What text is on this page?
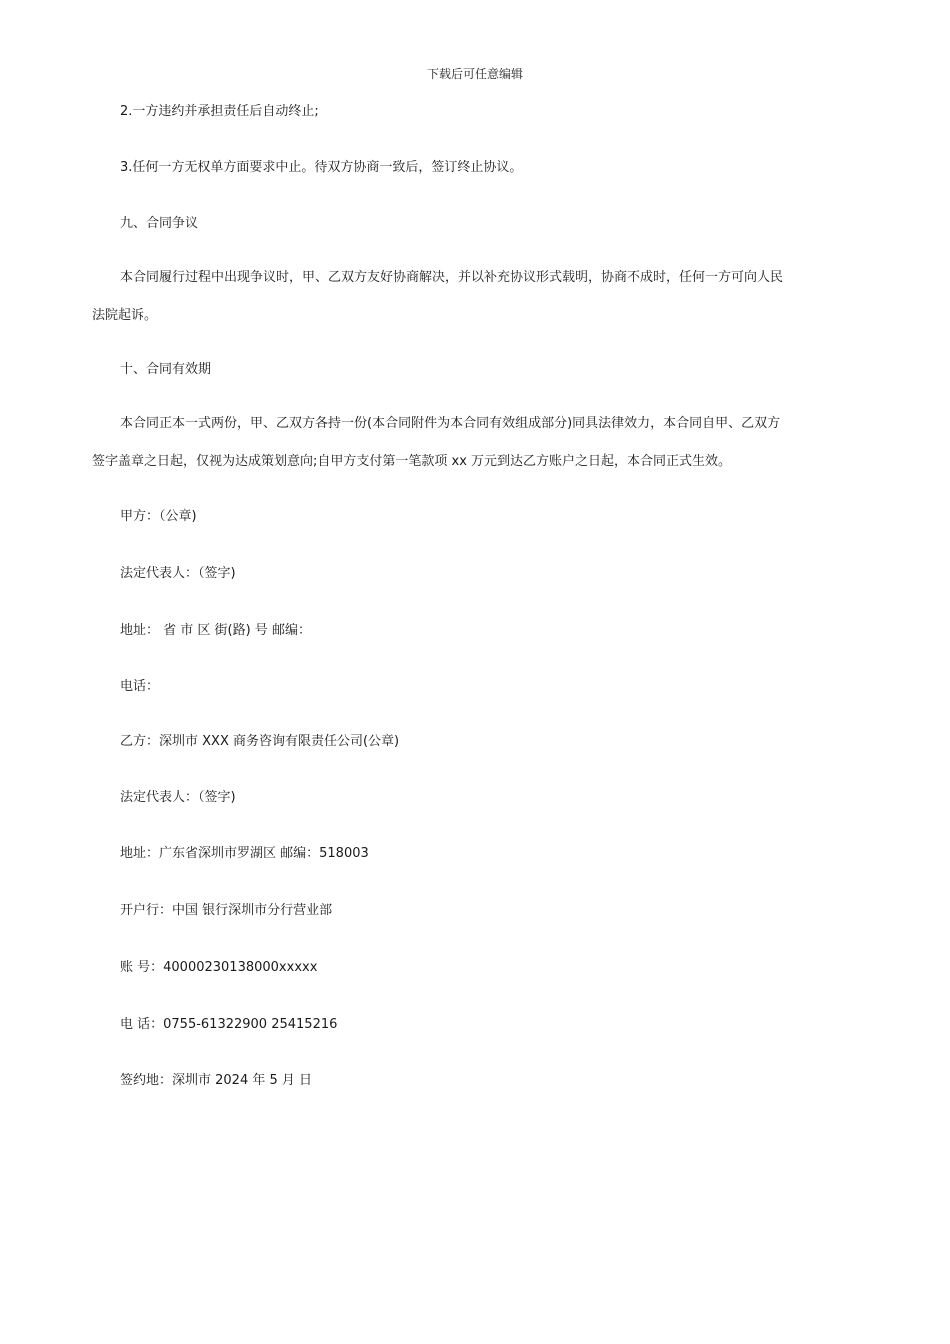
下载后可任意编辑
2.一方违约并承担责任后自动终止;
3.任何一方无权单方面要求中止。待双方协商一致后，签订终止协议。
九、合同争议
本合同履行过程中出现争议时，甲、乙双方友好协商解决，并以补充协议形式载明，协商不成时，任何一方可向人民
法院起诉。
十、合同有效期
本合同正本一式两份，甲、乙双方各持一份(本合同附件为本合同有效组成部分)同具法律效力，本合同自甲、乙双方
签字盖章之日起，仅视为达成策划意向;自甲方支付第一笔款项 xx 万元到达乙方账户之日起，本合同正式生效。
甲方：（公章)
法定代表人：（签字)
地址： 省 市 区 街(路) 号 邮编：
电话：
乙方：深圳市 XXX 商务咨询有限责任公司(公章)
法定代表人：（签字)
地址：广东省深圳市罗湖区 邮编：518003
开户行：中国 银行深圳市分行营业部
账 号：40000230138000xxxxx
电 话：0755-61322900 25415216
签约地：深圳市 2024 年 5 月 日
